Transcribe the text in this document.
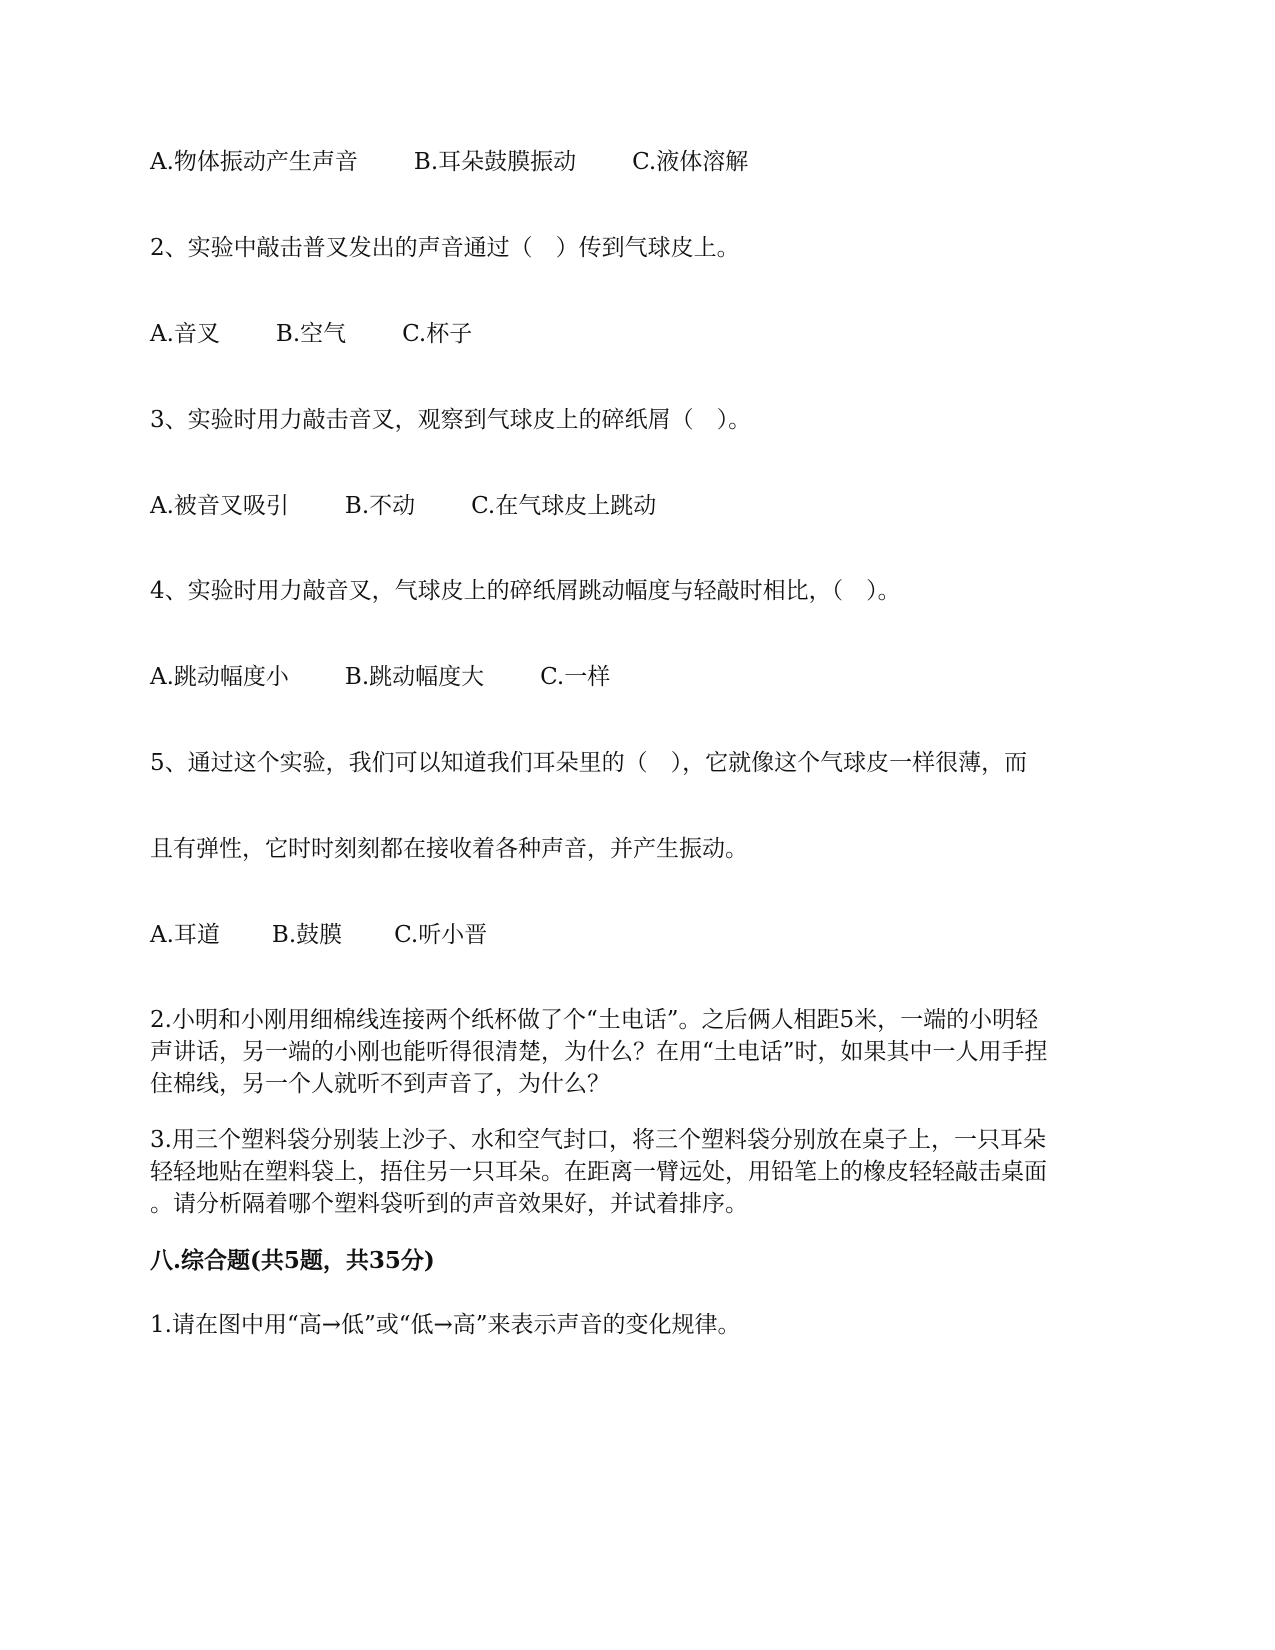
A.物体振动产生声音 B.耳朵鼓膜振动 C.液体溶解
2、实验中敲击普叉发出的声音通过（　）传到气球皮上。
A.音叉 B.空气 C.杯子
3、实验时用力敲击音叉，观察到气球皮上的碎纸屑（　）。
A.被音叉吸引 B.不动 C.在气球皮上跳动
4、实验时用力敲音叉，气球皮上的碎纸屑跳动幅度与轻敲时相比，（　）。
A.跳动幅度小 B.跳动幅度大 C.一样
5、通过这个实验，我们可以知道我们耳朵里的（　），它就像这个气球皮一样很薄，而
且有弹性，它时时刻刻都在接收着各种声音，并产生振动。
A.耳道 B.鼓膜 C.听小晋
2.小明和小刚用细棉线连接两个纸杯做了个“土电话”。之后俩人相距5米，一端的小明轻
声讲话，另一端的小刚也能听得很清楚，为什么？在用“土电话”时，如果其中一人用手捏
住棉线，另一个人就听不到声音了，为什么？
3.用三个塑料袋分别装上沙子、水和空气封口，将三个塑料袋分别放在桌子上，一只耳朵
轻轻地贴在塑料袋上，捂住另一只耳朵。在距离一臂远处，用铅笔上的橡皮轻轻敲击桌面
。请分析隔着哪个塑料袋听到的声音效果好，并试着排序。
八.综合题(共5题，共35分)
1.请在图中用“高→低”或“低→高”来表示声音的变化规律。
